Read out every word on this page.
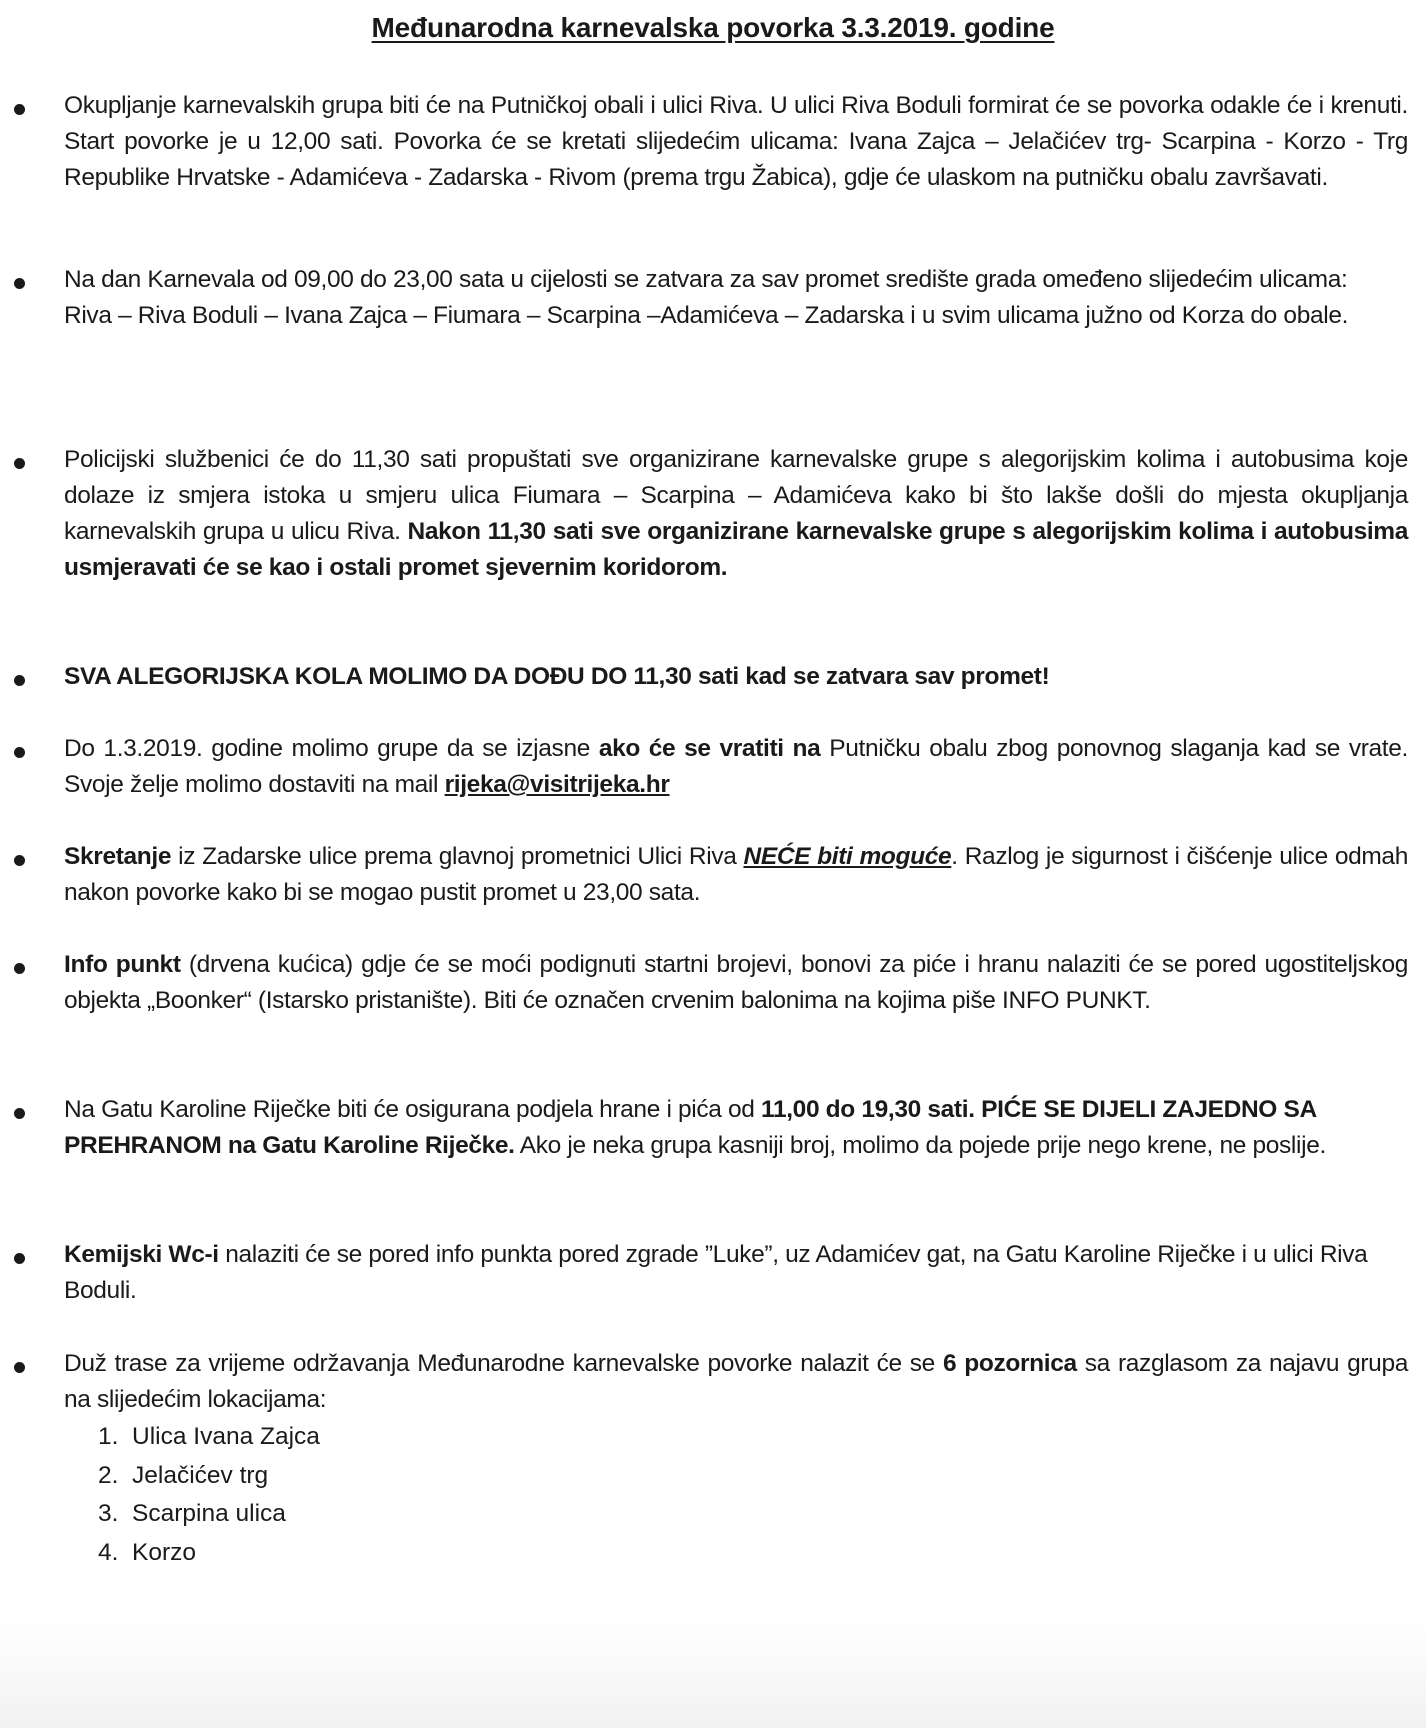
Međunarodna karnevalska povorka 3.3.2019. godine
Okupljanje karnevalskih grupa biti će na Putničkoj obali i ulici Riva. U ulici Riva Boduli formirat će se povorka odakle će i krenuti. Start povorke je u 12,00 sati. Povorka će se kretati slijedećim ulicama: Ivana Zajca – Jelačićev trg- Scarpina - Korzo - Trg Republike Hrvatske - Adamićeva - Zadarska - Rivom (prema trgu Žabica), gdje će ulaskom na putničku obalu završavati.
Na dan Karnevala od 09,00 do 23,00 sata u cijelosti se zatvara za sav promet središte grada omeđeno slijedećim ulicama:
Riva – Riva Boduli – Ivana Zajca – Fiumara – Scarpina –Adamićeva – Zadarska i u svim ulicama južno od Korza do obale.
Policijski službenici će do 11,30 sati propuštati sve organizirane karnevalske grupe s alegorijskim kolima i autobusima koje dolaze iz smjera istoka u smjeru ulica Fiumara – Scarpina – Adamićeva kako bi što lakše došli do mjesta okupljanja karnevalskih grupa u ulicu Riva. Nakon 11,30 sati sve organizirane karnevalske grupe s alegorijskim kolima i autobusima usmjeravati će se kao i ostali promet sjevernim koridorom.
SVA ALEGORIJSKA KOLA MOLIMO DA DOĐU DO 11,30 sati kad se zatvara sav promet!
Do 1.3.2019. godine molimo grupe da se izjasne ako će se vratiti na Putničku obalu zbog ponovnog slaganja kad se vrate. Svoje želje molimo dostaviti na mail rijeka@visitrijeka.hr
Skretanje iz Zadarske ulice prema glavnoj prometnici Ulici Riva NEĆE biti moguće. Razlog je sigurnost i čišćenje ulice odmah nakon povorke kako bi se mogao pustit promet u 23,00 sata.
Info punkt (drvena kućica) gdje će se moći podignuti startni brojevi, bonovi za piće i hranu nalaziti će se pored ugostiteljskog objekta „Boonker“ (Istarsko pristanište). Biti će označen crvenim balonima na kojima piše INFO PUNKT.
Na Gatu Karoline Riječke biti će osigurana podjela hrane i pića od 11,00 do 19,30 sati. PIĆE SE DIJELI ZAJEDNO SA PREHRANOM na Gatu Karoline Riječke. Ako je neka grupa kasniji broj, molimo da pojede prije nego krene, ne poslije.
Kemijski Wc-i nalaziti će se pored info punkta pored zgrade ”Luke”, uz Adamićev gat, na Gatu Karoline Riječke i u ulici Riva Boduli.
Duž trase za vrijeme održavanja Međunarodne karnevalske povorke nalazit će se 6 pozornica sa razglasom za najavu grupa na slijedećim lokacijama:
1. Ulica Ivana Zajca
2. Jelačićev trg
3. Scarpina ulica
4. Korzo
